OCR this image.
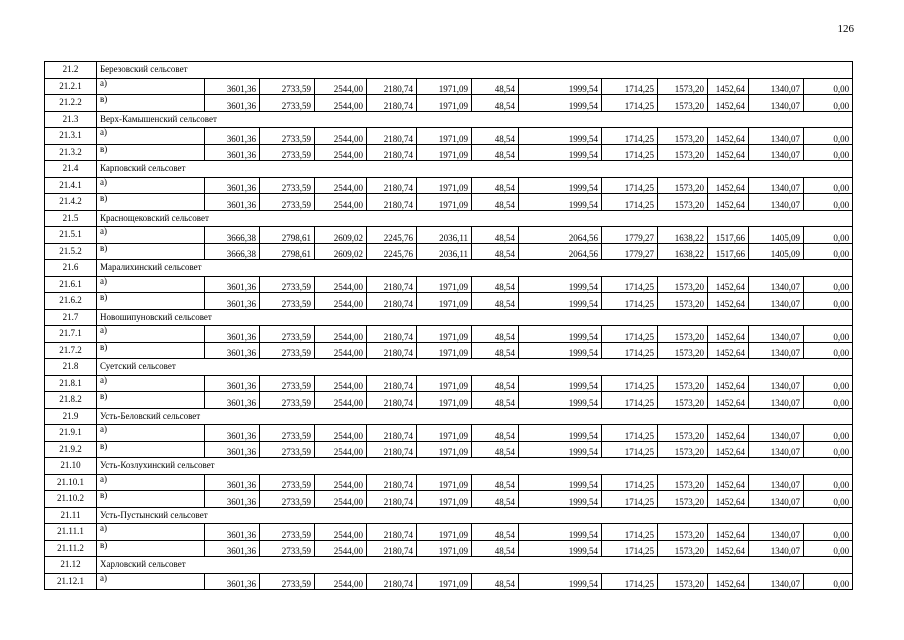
126
21.2	Березовский сельсовет												
21.2.1	а)	3601,36	2733,59	2544,00	2180,74	1971,09	48,54	1999,54	1714,25	1573,20	1452,64	1340,07	0,00
21.2.2	в)	3601,36	2733,59	2544,00	2180,74	1971,09	48,54	1999,54	1714,25	1573,20	1452,64	1340,07	0,00
21.3	Верх-Камышенский сельсовет												
21.3.1	а)	3601,36	2733,59	2544,00	2180,74	1971,09	48,54	1999,54	1714,25	1573,20	1452,64	1340,07	0,00
21.3.2	в)	3601,36	2733,59	2544,00	2180,74	1971,09	48,54	1999,54	1714,25	1573,20	1452,64	1340,07	0,00
21.4	Карповский сельсовет												
21.4.1	а)	3601,36	2733,59	2544,00	2180,74	1971,09	48,54	1999,54	1714,25	1573,20	1452,64	1340,07	0,00
21.4.2	в)	3601,36	2733,59	2544,00	2180,74	1971,09	48,54	1999,54	1714,25	1573,20	1452,64	1340,07	0,00
21.5	Краснощековский сельсовет												
21.5.1	а)	3666,38	2798,61	2609,02	2245,76	2036,11	48,54	2064,56	1779,27	1638,22	1517,66	1405,09	0,00
21.5.2	в)	3666,38	2798,61	2609,02	2245,76	2036,11	48,54	2064,56	1779,27	1638,22	1517,66	1405,09	0,00
21.6	Маралихинский сельсовет												
21.6.1	а)	3601,36	2733,59	2544,00	2180,74	1971,09	48,54	1999,54	1714,25	1573,20	1452,64	1340,07	0,00
21.6.2	в)	3601,36	2733,59	2544,00	2180,74	1971,09	48,54	1999,54	1714,25	1573,20	1452,64	1340,07	0,00
21.7	Новошипуновский сельсовет												
21.7.1	а)	3601,36	2733,59	2544,00	2180,74	1971,09	48,54	1999,54	1714,25	1573,20	1452,64	1340,07	0,00
21.7.2	в)	3601,36	2733,59	2544,00	2180,74	1971,09	48,54	1999,54	1714,25	1573,20	1452,64	1340,07	0,00
21.8	Суетский сельсовет												
21.8.1	а)	3601,36	2733,59	2544,00	2180,74	1971,09	48,54	1999,54	1714,25	1573,20	1452,64	1340,07	0,00
21.8.2	в)	3601,36	2733,59	2544,00	2180,74	1971,09	48,54	1999,54	1714,25	1573,20	1452,64	1340,07	0,00
21.9	Усть-Беловский сельсовет												
21.9.1	а)	3601,36	2733,59	2544,00	2180,74	1971,09	48,54	1999,54	1714,25	1573,20	1452,64	1340,07	0,00
21.9.2	в)	3601,36	2733,59	2544,00	2180,74	1971,09	48,54	1999,54	1714,25	1573,20	1452,64	1340,07	0,00
21.10	Усть-Козлухинский сельсовет												
21.10.1	а)	3601,36	2733,59	2544,00	2180,74	1971,09	48,54	1999,54	1714,25	1573,20	1452,64	1340,07	0,00
21.10.2	в)	3601,36	2733,59	2544,00	2180,74	1971,09	48,54	1999,54	1714,25	1573,20	1452,64	1340,07	0,00
21.11	Усть-Пустынский сельсовет												
21.11.1	а)	3601,36	2733,59	2544,00	2180,74	1971,09	48,54	1999,54	1714,25	1573,20	1452,64	1340,07	0,00
21.11.2	в)	3601,36	2733,59	2544,00	2180,74	1971,09	48,54	1999,54	1714,25	1573,20	1452,64	1340,07	0,00
21.12	Харловский сельсовет												
21.12.1	а)	3601,36	2733,59	2544,00	2180,74	1971,09	48,54	1999,54	1714,25	1573,20	1452,64	1340,07	0,00
